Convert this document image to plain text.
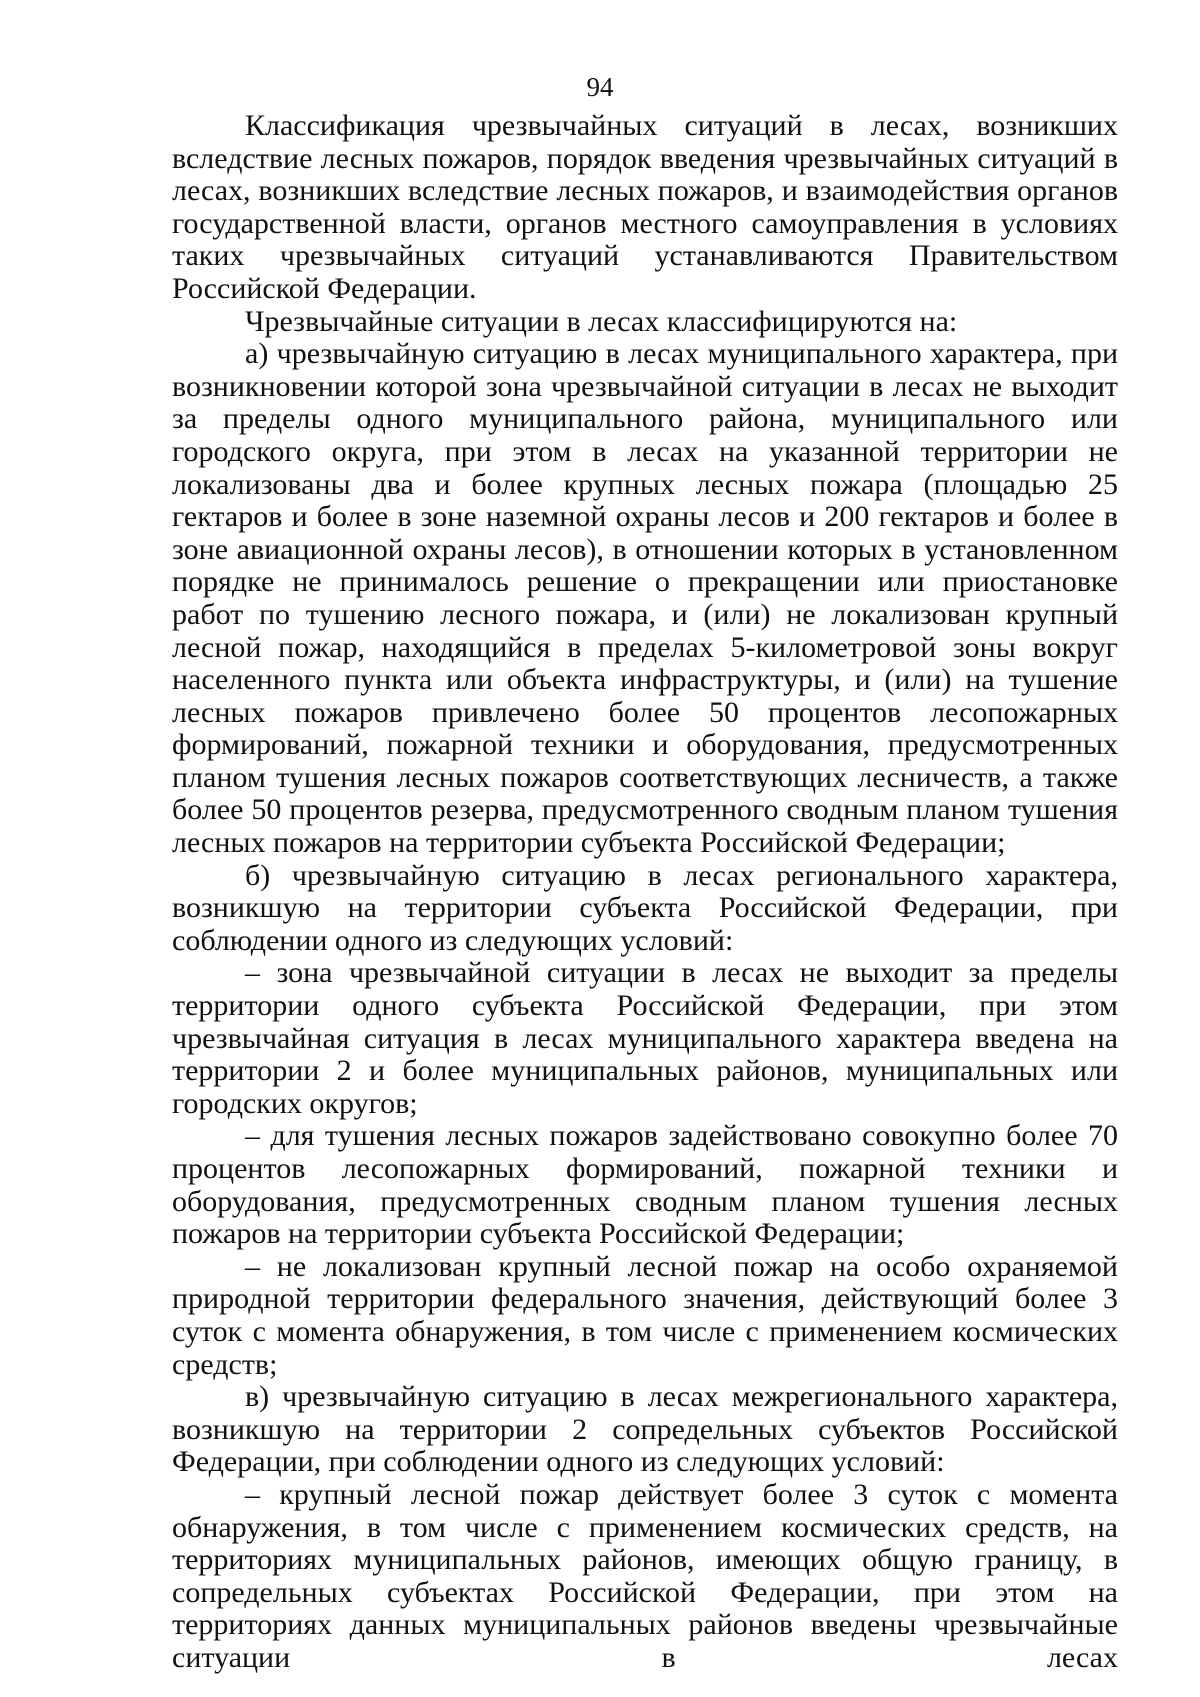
94

Классификация чрезвычайных ситуаций в лесах, возникших вследствие лесных пожаров, порядок введения чрезвычайных ситуаций в лесах, возникших вследствие лесных пожаров, и взаимодействия органов государственной власти, органов местного самоуправления в условиях таких чрезвычайных ситуаций устанавливаются Правительством Российской Федерации.

Чрезвычайные ситуации в лесах классифицируются на:

а) чрезвычайную ситуацию в лесах муниципального характера, при возникновении которой зона чрезвычайной ситуации в лесах не выходит за пределы одного муниципального района, муниципального или городского округа, при этом в лесах на указанной территории не локализованы два и более крупных лесных пожара (площадью 25 гектаров и более в зоне наземной охраны лесов и 200 гектаров и более в зоне авиационной охраны лесов), в отношении которых в установленном порядке не принималось решение о прекращении или приостановке работ по тушению лесного пожара, и (или) не локализован крупный лесной пожар, находящийся в пределах 5-километровой зоны вокруг населенного пункта или объекта инфраструктуры, и (или) на тушение лесных пожаров привлечено более 50 процентов лесопожарных формирований, пожарной техники и оборудования, предусмотренных планом тушения лесных пожаров соответствующих лесничеств, а также более 50 процентов резерва, предусмотренного сводным планом тушения лесных пожаров на территории субъекта Российской Федерации;

б) чрезвычайную ситуацию в лесах регионального характера, возникшую на территории субъекта Российской Федерации, при соблюдении одного из следующих условий:

– зона чрезвычайной ситуации в лесах не выходит за пределы территории одного субъекта Российской Федерации, при этом чрезвычайная ситуация в лесах муниципального характера введена на территории 2 и более муниципальных районов, муниципальных или городских округов;

– для тушения лесных пожаров задействовано совокупно более 70 процентов лесопожарных формирований, пожарной техники и оборудования, предусмотренных сводным планом тушения лесных пожаров на территории субъекта Российской Федерации;

– не локализован крупный лесной пожар на особо охраняемой природной территории федерального значения, действующий более 3 суток с момента обнаружения, в том числе с применением космических средств;

в) чрезвычайную ситуацию в лесах межрегионального характера, возникшую на территории 2 сопредельных субъектов Российской Федерации, при соблюдении одного из следующих условий:

– крупный лесной пожар действует более 3 суток с момента обнаружения, в том числе с применением космических средств, на территориях муниципальных районов, имеющих общую границу, в сопредельных субъектах Российской Федерации, при этом на территориях данных муниципальных районов введены чрезвычайные ситуации в лесах
